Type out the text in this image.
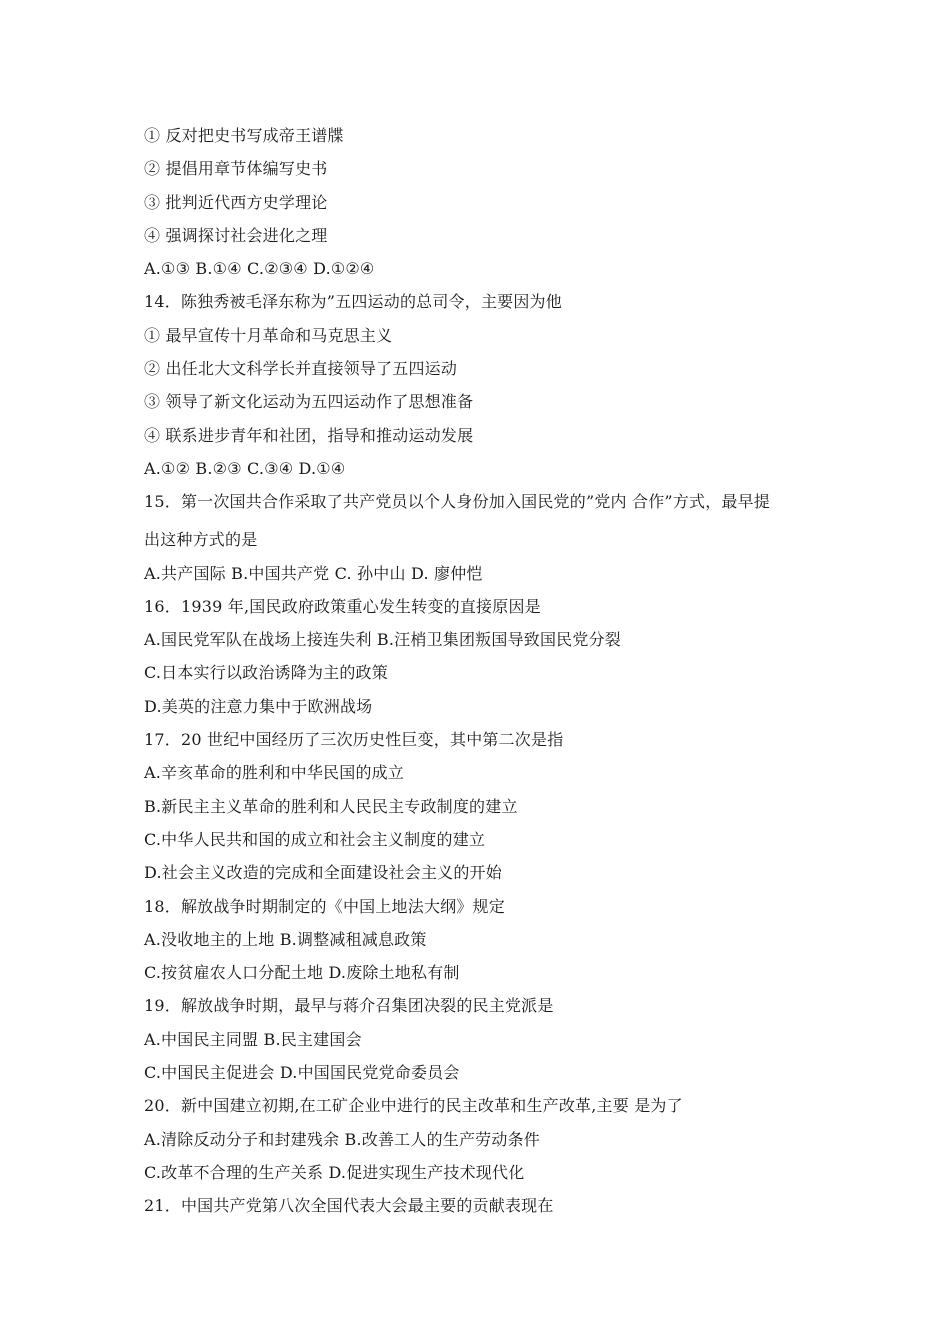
① 反对把史书写成帝王谱牒
② 提倡用章节体编写史书
③ 批判近代西方史学理论
④ 强调探讨社会进化之理
A.①③ B.①④ C.②③④ D.①②④
14．陈独秀被毛泽东称为”五四运动的总司令，主要因为他
① 最早宣传十月革命和马克思主义
② 出任北大文科学长并直接领导了五四运动
③ 领导了新文化运动为五四运动作了思想准备
④ 联系进步青年和社团，指导和推动运动发展
A.①② B.②③ C.③④ D.①④
15．第一次国共合作采取了共产党员以个人身份加入国民党的”党内 合作”方式，最早提
出这种方式的是
A.共产国际 B.中国共产党 C. 孙中山 D. 廖仲恺
16．1939 年,国民政府政策重心发生转变的直接原因是
A.国民党军队在战场上接连失利 B.汪梢卫集团叛国导致国民党分裂
C.日本实行以政治诱降为主的政策
D.美英的注意力集中于欧洲战场
17．20 世纪中国经历了三次历史性巨变，其中第二次是指
A.辛亥革命的胜利和中华民国的成立
B.新民主主义革命的胜利和人民民主专政制度的建立
C.中华人民共和国的成立和社会主义制度的建立
D.社会主义改造的完成和全面建设社会主义的开始
18．解放战争时期制定的《中国上地法大纲》规定
A.没收地主的上地 B.调整减租减息政策
C.按贫雇农人口分配土地 D.废除土地私有制
19．解放战争时期，最早与蒋介召集团决裂的民主党派是
A.中国民主同盟 B.民主建国会
C.中国民主促进会 D.中国国民党党命委员会
20．新中国建立初期,在工矿企业中进行的民主改革和生产改革,主要 是为了
A.清除反动分子和封建残余 B.改善工人的生产劳动条件
C.改革不合理的生产关系 D.促进实现生产技术现代化
21．中国共产党第八次全国代表大会最主要的贡献表现在
